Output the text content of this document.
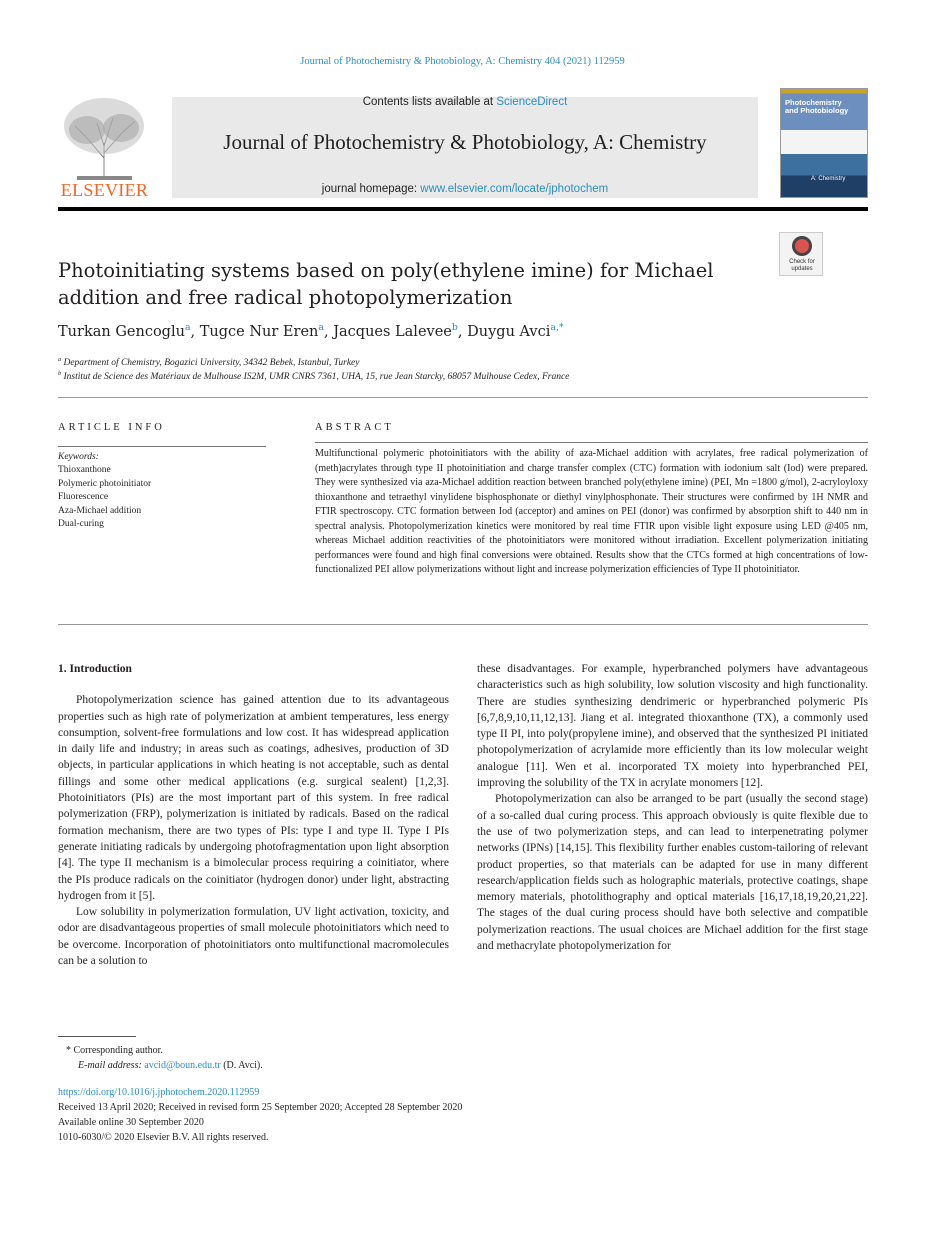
Journal of Photochemistry & Photobiology, A: Chemistry 404 (2021) 112959
ELSEVIER
Contents lists available at ScienceDirect
Journal of Photochemistry & Photobiology, A: Chemistry
journal homepage: www.elsevier.com/locate/jphotochem
Photochemistry
and Photobiology
A: Chemistry
Check for updates
Photoinitiating systems based on poly(ethylene imine) for Michael addition and free radical photopolymerization
Turkan Gencoglu$^a$, Tugce Nur Eren$^a$, Jacques Lalevee$^b$, Duygu Avci$^{a,*}$
$^a$ Department of Chemistry, Bogazici University, 34342 Bebek, Istanbul, Turkey
$^b$ Institut de Science des Matériaux de Mulhouse IS2M, UMR CNRS 7361, UHA, 15, rue Jean Starcky, 68057 Mulhouse Cedex, France
ARTICLE INFO	ABSTRACT
Keywords:
Thioxanthone
Polymeric photoinitiator
Fluorescence
Aza-Michael addition
Dual-curing
Multifunctional polymeric photoinitiators with the ability of aza-Michael addition with acrylates, free radical polymerization of (meth)acrylates through type II photoinitiation and charge transfer complex (CTC) formation with iodonium salt (Iod) were prepared. They were synthesized via aza-Michael addition reaction between branched poly(ethylene imine) (PEI, Mn =1800 g/mol), 2-acryloyloxy thioxanthone and tetraethyl vinylidene bisphosphonate or diethyl vinylphosphonate. Their structures were confirmed by 1H NMR and FTIR spectroscopy. CTC formation between Iod (acceptor) and amines on PEI (donor) was confirmed by absorption shift to 440 nm in spectral analysis. Photopolymerization kinetics were monitored by real time FTIR upon visible light exposure using LED @405 nm, whereas Michael addition reactivities of the photoinitiators were monitored without irradiation. Excellent polymerization initiating performances were found and high final conversions were obtained. Results show that the CTCs formed at high concentrations of low-functionalized PEI allow polymerizations without light and increase polymerization efficiencies of Type II photoinitiator.
1. Introduction

Photopolymerization science has gained attention due to its advantageous properties such as high rate of polymerization at ambient temperatures, less energy consumption, solvent-free formulations and low cost. It has widespread application in daily life and industry; in areas such as coatings, adhesives, production of 3D objects, in particular applications in which heating is not acceptable, such as dental fillings and some other medical applications (e.g. surgical sealent) [1,2,3]. Photoinitiators (PIs) are the most important part of this system. In free radical polymerization (FRP), polymerization is initiated by radicals. Based on the radical formation mechanism, there are two types of PIs: type I and type II. Type I PIs generate initiating radicals by undergoing photofragmentation upon light absorption [4]. The type II mechanism is a bimolecular process requiring a coinitiator, where the PIs produce radicals on the coinitiator (hydrogen donor) under light, abstracting hydrogen from it [5].

Low solubility in polymerization formulation, UV light activation, toxicity, and odor are disadvantageous properties of small molecule photoinitiators which need to be overcome. Incorporation of photoinitiators onto multifunctional macromolecules can be a solution to

these disadvantages. For example, hyperbranched polymers have advantageous characteristics such as high solubility, low solution viscosity and high functionality. There are studies synthesizing dendrimeric or hyperbranched polymeric PIs [6,7,8,9,10,11,12,13]. Jiang et al. integrated thioxanthone (TX), a commonly used type II PI, into poly(propylene imine), and observed that the synthesized PI initiated photopolymerization of acrylamide more efficiently than its low molecular weight analogue [11]. Wen et al. incorporated TX moiety into hyperbranched PEI, improving the solubility of the TX in acrylate monomers [12].

Photopolymerization can also be arranged to be part (usually the second stage) of a so-called dual curing process. This approach obviously is quite flexible due to the use of two polymerization steps, and can lead to interpenetrating polymer networks (IPNs) [14,15]. This flexibility further enables custom-tailoring of relevant product properties, so that materials can be adapted for use in many different research/application fields such as holographic materials, protective coatings, shape memory materials, photolithography and optical materials [16,17,18,19,20,21,22]. The stages of the dual curing process should have both selective and compatible polymerization reactions. The usual choices are Michael addition for the first stage and methacrylate photopolymerization for

* Corresponding author.
E-mail address: avcid@boun.edu.tr (D. Avci).
https://doi.org/10.1016/j.jphotochem.2020.112959
Received 13 April 2020; Received in revised form 25 September 2020; Accepted 28 September 2020
Available online 30 September 2020
1010-6030/© 2020 Elsevier B.V. All rights reserved.
